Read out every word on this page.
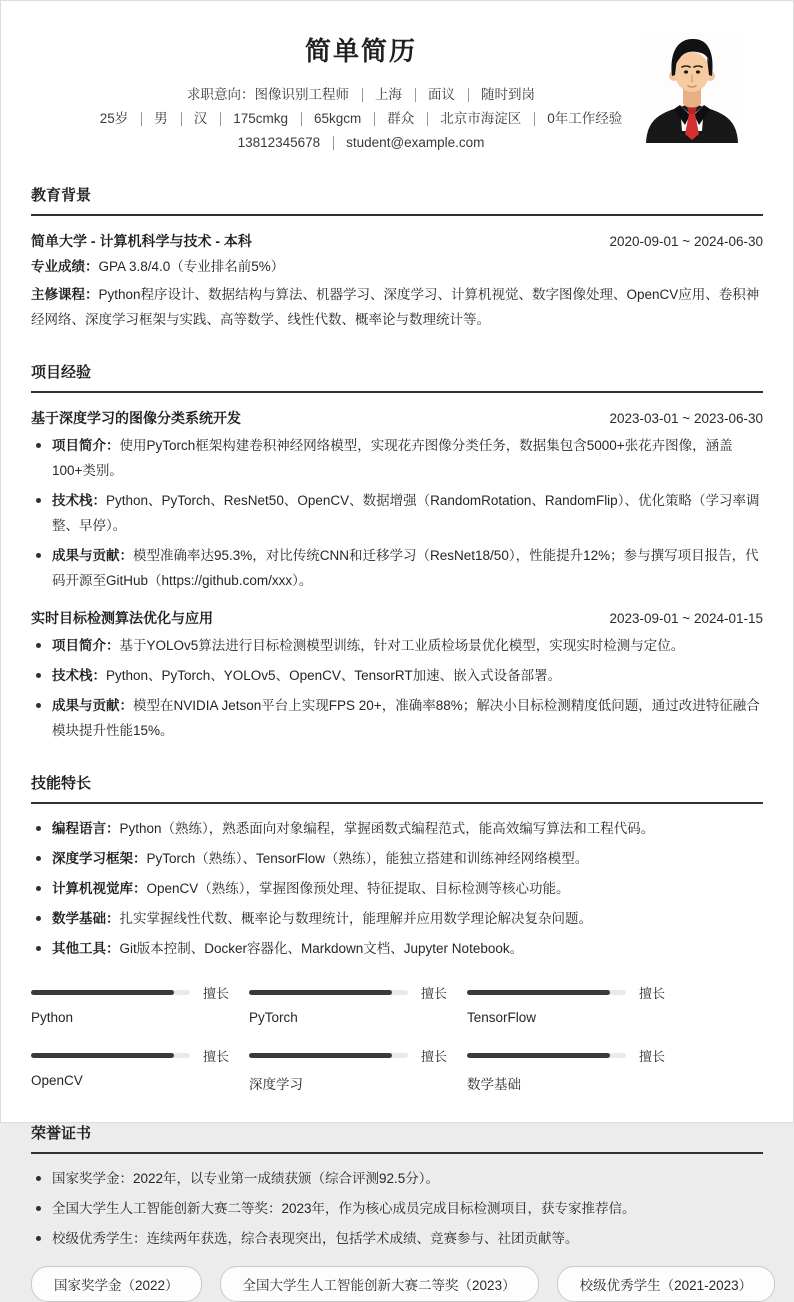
简单简历
求职意向：图像识别工程师	上海	面议	随时到岗
25岁	男	汉	175cmkg	65kgcm	群众	北京市海淀区	0年工作经验
13812345678	student@example.com
教育背景
简单大学 - 计算机科学与技术 - 本科	2020-09-01 ~ 2024-06-30
专业成绩：GPA 3.8/4.0（专业排名前5%）
主修课程：Python程序设计、数据结构与算法、机器学习、深度学习、计算机视觉、数字图像处理、OpenCV应用、卷积神经网络、深度学习框架与实践、高等数学、线性代数、概率论与数理统计等。
项目经验
基于深度学习的图像分类系统开发	2023-03-01 ~ 2023-06-30
项目简介：使用PyTorch框架构建卷积神经网络模型，实现花卉图像分类任务，数据集包含5000+张花卉图像，涵盖100+类别。
技术栈：Python、PyTorch、ResNet50、OpenCV、数据增强（RandomRotation、RandomFlip）、优化策略（学习率调整、早停）。
成果与贡献：模型准确率达95.3%，对比传统CNN和迁移学习（ResNet18/50），性能提升12%；参与撰写项目报告，代码开源至GitHub（https://github.com/xxx）。
实时目标检测算法优化与应用	2023-09-01 ~ 2024-01-15
项目简介：基于YOLOv5算法进行目标检测模型训练，针对工业质检场景优化模型，实现实时检测与定位。
技术栈：Python、PyTorch、YOLOv5、OpenCV、TensorRT加速、嵌入式设备部署。
成果与贡献：模型在NVIDIA Jetson平台上实现FPS 20+，准确率88%；解决小目标检测精度低问题，通过改进特征融合模块提升性能15%。
技能特长
编程语言：Python（熟练），熟悉面向对象编程，掌握函数式编程范式，能高效编写算法和工程代码。
深度学习框架：PyTorch（熟练）、TensorFlow（熟练），能独立搭建和训练神经网络模型。
计算机视觉库：OpenCV（熟练），掌握图像预处理、特征提取、目标检测等核心功能。
数学基础：扎实掌握线性代数、概率论与数理统计，能理解并应用数学理论解决复杂问题。
其他工具：Git版本控制、Docker容器化、Markdown文档、Jupyter Notebook。
擅长
Python
擅长
PyTorch
擅长
TensorFlow
擅长
OpenCV
擅长
深度学习
擅长
数学基础
荣誉证书
国家奖学金：2022年，以专业第一成绩获颁（综合评测92.5分）。
全国大学生人工智能创新大赛二等奖：2023年，作为核心成员完成目标检测项目，获专家推荐信。
校级优秀学生：连续两年获选，综合表现突出，包括学术成绩、竞赛参与、社团贡献等。
国家奖学金（2022）	全国大学生人工智能创新大赛二等奖（2023）	校级优秀学生（2021-2023）
